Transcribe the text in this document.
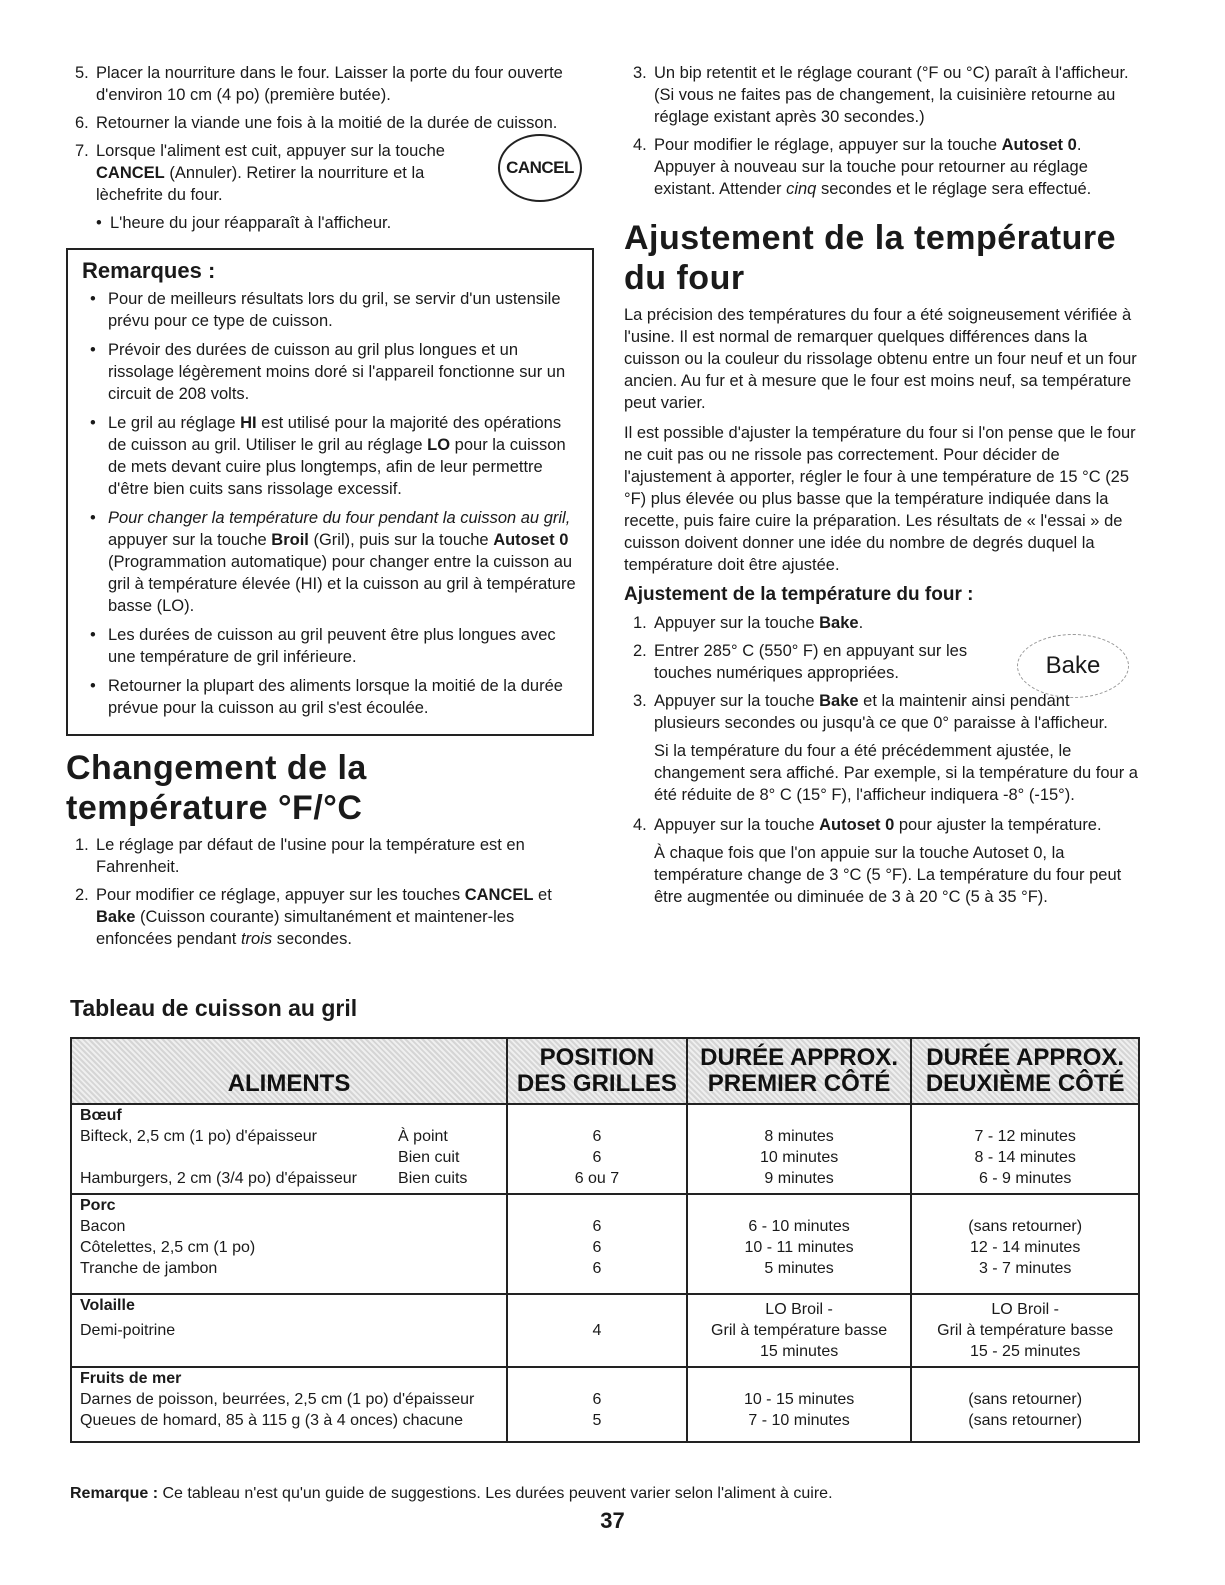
5. Placer la nourriture dans le four. Laisser la porte du four ouverte d'environ 10 cm (4 po) (première butée).
6. Retourner la viande une fois à la moitié de la durée de cuisson.
7. Lorsque l'aliment est cuit, appuyer sur la touche CANCEL (Annuler). Retirer la nourriture et la lèchefrite du four.
CANCEL
• L'heure du jour réapparaît à l'afficheur.
Remarques :
• Pour de meilleurs résultats lors du gril, se servir d'un ustensile prévu pour ce type de cuisson.
• Prévoir des durées de cuisson au gril plus longues et un rissolage légèrement moins doré si l'appareil fonctionne sur un circuit de 208 volts.
• Le gril au réglage HI est utilisé pour la majorité des opérations de cuisson au gril. Utiliser le gril au réglage LO pour la cuisson de mets devant cuire plus longtemps, afin de leur permettre d'être bien cuits sans rissolage excessif.
• Pour changer la température du four pendant la cuisson au gril, appuyer sur la touche Broil (Gril), puis sur la touche Autoset 0 (Programmation automatique) pour changer entre la cuisson au gril à température élevée (HI) et la cuisson au gril à température basse (LO).
• Les durées de cuisson au gril peuvent être plus longues avec une température de gril inférieure.
• Retourner la plupart des aliments lorsque la moitié de la durée prévue pour la cuisson au gril s'est écoulée.
Changement de la
température °F/°C
1. Le réglage par défaut de l'usine pour la température est en Fahrenheit.
2. Pour modifier ce réglage, appuyer sur les touches CANCEL et Bake (Cuisson courante) simultanément et maintener-les enfoncées pendant trois secondes.
3. Un bip retentit et le réglage courant (°F ou °C) paraît à l'afficheur. (Si vous ne faites pas de changement, la cuisinière retourne au réglage existant après 30 secondes.)
4. Pour modifier le réglage, appuyer sur la touche Autoset 0. Appuyer à nouveau sur la touche pour retourner au réglage existant. Attender cinq secondes et le réglage sera effectué.
Ajustement de la température
du four

La précision des températures du four a été soigneusement vérifiée à l'usine. Il est normal de remarquer quelques différences dans la cuisson ou la couleur du rissolage obtenu entre un four neuf et un four ancien. Au fur et à mesure que le four est moins neuf, sa température peut varier.

Il est possible d'ajuster la température du four si l'on pense que le four ne cuit pas ou ne rissole pas correctement. Pour décider de l'ajustement à apporter, régler le four à une température de 15 °C (25 °F) plus élevée ou plus basse que la température indiquée dans la recette, puis faire cuire la préparation. Les résultats de « l'essai » de cuisson doivent donner une idée du nombre de degrés duquel la température doit être ajustée.

Ajustement de la température du four :
1. Appuyer sur la touche Bake.
2. Entrer 285° C (550° F) en appuyant sur les touches numériques appropriées.	Bake
3. Appuyer sur la touche Bake et la maintenir ainsi pendant plusieurs secondes ou jusqu'à ce que 0° paraisse à l'afficheur.
Si la température du four a été précédemment ajustée, le changement sera affiché. Par exemple, si la température du four a été réduite de 8° C (15° F), l'afficheur indiquera -8° (-15°).
4. Appuyer sur la touche Autoset 0 pour ajuster la température.
À chaque fois que l'on appuie sur la touche Autoset 0, la température change de 3 °C (5 °F). La température du four peut être augmentée ou diminuée de 3 à 20 °C (5 à 35 °F).
Tableau de cuisson au gril
ALIMENTS	POSITION DES GRILLES	DURÉE APPROX. PREMIER CÔTÉ	DURÉE APPROX. DEUXIÈME CÔTÉ
Bœuf			

Bifteck, 2,5 cm (1 po) d'épaisseur À point	6	8 minutes	7 - 12 minutes

Bien cuit	6	10 minutes	8 - 14 minutes

Hamburgers, 2 cm (3/4 po) d'épaisseur Bien cuits	6 ou 7	9 minutes	6 - 9 minutes
Porc			
Bacon	6	6 - 10 minutes	(sans retourner)
Côtelettes, 2,5 cm (1 po)	6	10 - 11 minutes	12 - 14 minutes
Tranche de jambon	6	5 minutes	3 - 7 minutes
Volaille		LO Broil -	LO Broil -
Demi-poitrine	4	Gril à température basse	Gril à température basse
		15 minutes	15 - 25 minutes
Fruits de mer			
Darnes de poisson, beurrées, 2,5 cm (1 po) d'épaisseur	6	10 - 15 minutes	(sans retourner)
Queues de homard, 85 à 115 g (3 à 4 onces) chacune	5	7 - 10 minutes	(sans retourner)
Remarque : Ce tableau n'est qu'un guide de suggestions. Les durées peuvent varier selon l'aliment à cuire.
37
